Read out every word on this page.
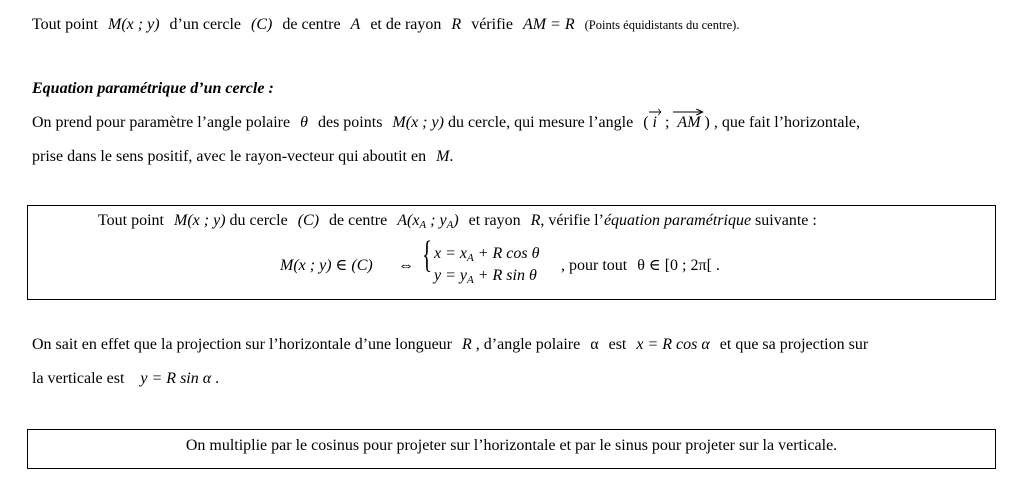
Tout point M(x ; y) d’un cercle (C) de centre A et de rayon R vérifie AM = R (Points équidistants du centre).
Equation paramétrique d’un cercle :
On prend pour paramètre l’angle polaire θ des points M(x ; y) du cercle, qui mesure l’angle ( i ;
AM ) , que fait l’horizontale,
prise dans le sens positif, avec le rayon-vecteur qui aboutit en M.
Tout point M(x ; y) du cercle (C) de centre $A(x_A$ ; $y_A$) et rayon R, vérifie l’équation paramétrique suivante :
M(x ; y) ∈ (C) ⇔ { $x = x_A + R$ cos θ
$y = y_A + R$ sin θ
, pour tout θ ∈ [0 ; 2π[ .
On sait en effet que la projection sur l’horizontale d’une longueur R , d’angle polaire α est x = R cos α et que sa projection sur
la verticale est y = R sin α .
On multiplie par le cosinus pour projeter sur l’horizontale et par le sinus pour projeter sur la verticale.
